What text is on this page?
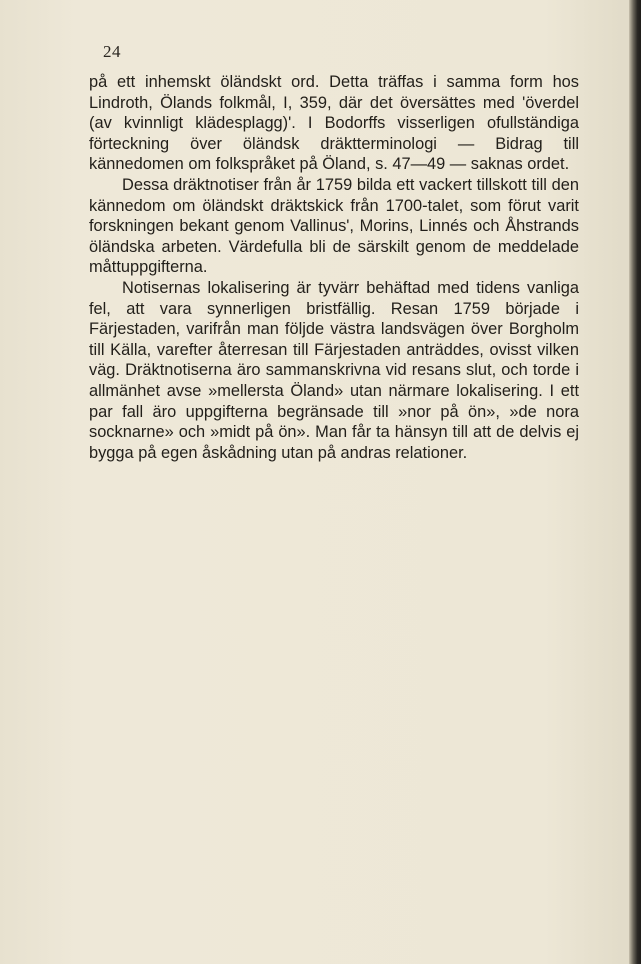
24

på ett inhemskt öländskt ord. Detta träffas i samma form hos Lindroth, Ölands folkmål, I, 359, där det översättes med 'överdel (av kvinnligt klädesplagg)'. I Bodorffs visserligen ofullständiga förteckning över öländsk dräktterminologi — Bidrag till kännedomen om folkspråket på Öland, s. 47—49 — saknas ordet.

Dessa dräktnotiser från år 1759 bilda ett vackert tillskott till den kännedom om öländskt dräktskick från 1700-talet, som förut varit forskningen bekant genom Vallinus', Morins, Linnés och Åhstrands öländska arbeten. Värdefulla bli de särskilt genom de meddelade måttuppgifterna.

Notisernas lokalisering är tyvärr behäftad med tidens vanliga fel, att vara synnerligen bristfällig. Resan 1759 började i Färjestaden, varifrån man följde västra landsvägen över Borgholm till Källa, varefter återresan till Färjestaden anträddes, ovisst vilken väg. Dräktnotiserna äro sammanskrivna vid resans slut, och torde i allmänhet avse »mellersta Öland» utan närmare lokalisering. I ett par fall äro uppgifterna begränsade till »nor på ön», »de nora socknarne» och »midt på ön». Man får ta hänsyn till att de delvis ej bygga på egen åskådning utan på andras relationer.
